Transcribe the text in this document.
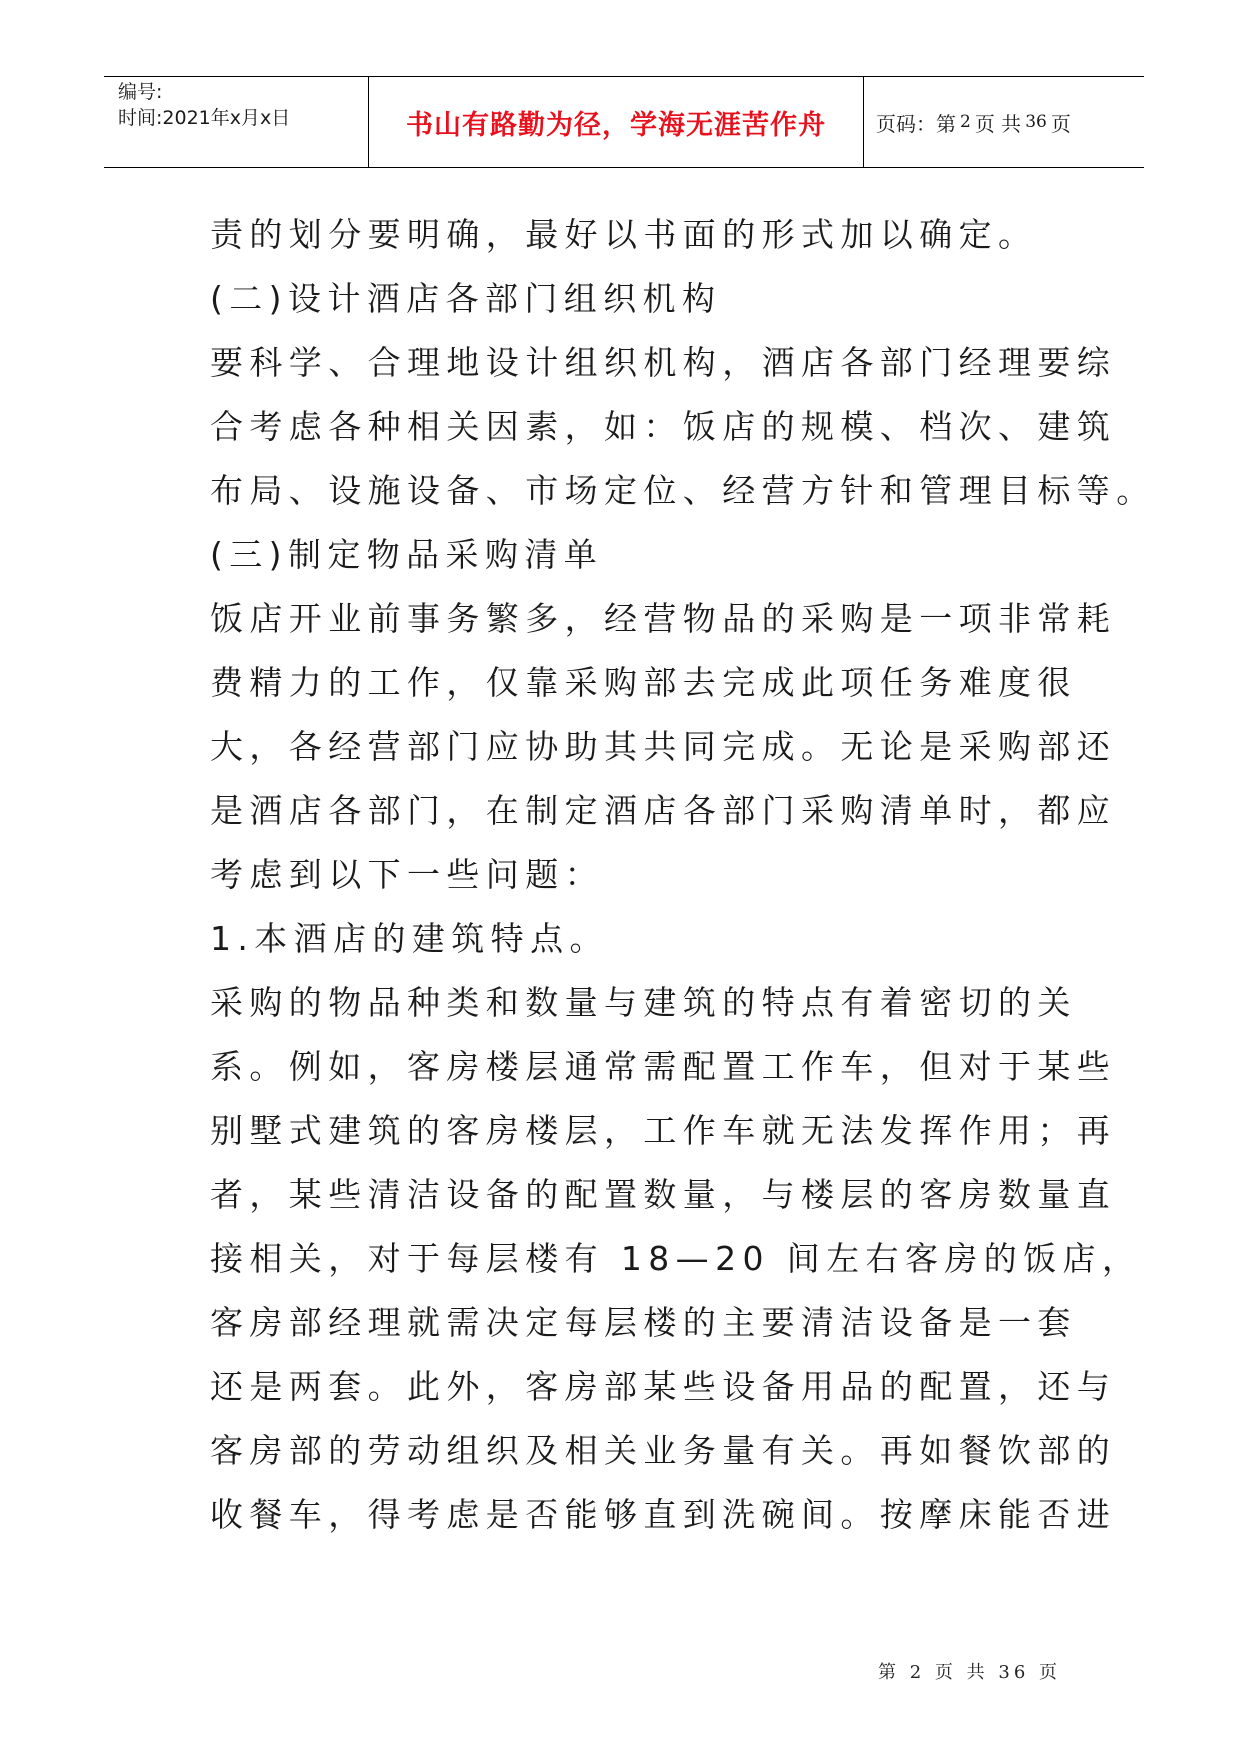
编号:
时间:2021年x月x日	书山有路勤为径，学海无涯苦作舟	页码：第 2 页 共 36 页
责的划分要明确，最好以书面的形式加以确定。
(二)设计酒店各部门组织机构
要科学、合理地设计组织机构，酒店各部门经理要综
合考虑各种相关因素，如：饭店的规模、档次、建筑
布局、设施设备、市场定位、经营方针和管理目标等。
(三)制定物品采购清单
饭店开业前事务繁多，经营物品的采购是一项非常耗
费精力的工作，仅靠采购部去完成此项任务难度很
大，各经营部门应协助其共同完成。无论是采购部还
是酒店各部门，在制定酒店各部门采购清单时，都应
考虑到以下一些问题：
1.本酒店的建筑特点。
采购的物品种类和数量与建筑的特点有着密切的关
系。例如，客房楼层通常需配置工作车，但对于某些
别墅式建筑的客房楼层，工作车就无法发挥作用；再
者，某些清洁设备的配置数量，与楼层的客房数量直
接相关，对于每层楼有 18—20 间左右客房的饭店，
客房部经理就需决定每层楼的主要清洁设备是一套
还是两套。此外，客房部某些设备用品的配置，还与
客房部的劳动组织及相关业务量有关。再如餐饮部的
收餐车，得考虑是否能够直到洗碗间。按摩床能否进
第 2 页 共 36 页
